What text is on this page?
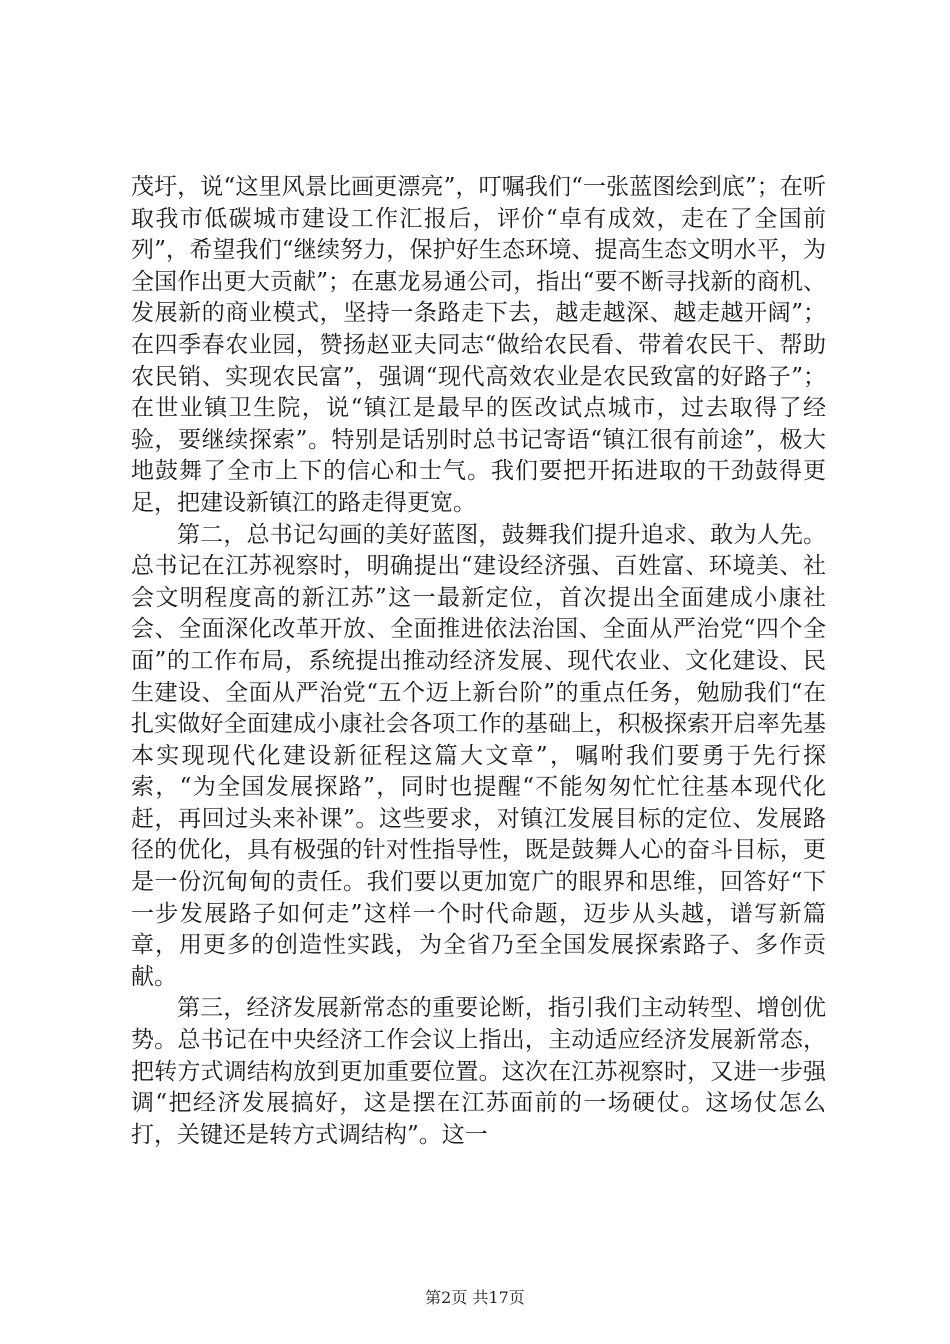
茂圩，说“这里风景比画更漂亮”，叮嘱我们“一张蓝图绘到底”；在听取我市低碳城市建设工作汇报后，评价“卓有成效，走在了全国前列”，希望我们“继续努力，保护好生态环境、提高生态文明水平，为全国作出更大贡献”；在惠龙易通公司，指出“要不断寻找新的商机、发展新的商业模式，坚持一条路走下去，越走越深、越走越开阔”；在四季春农业园，赞扬赵亚夫同志“做给农民看、带着农民干、帮助农民销、实现农民富”，强调“现代高效农业是农民致富的好路子”；在世业镇卫生院，说“镇江是最早的医改试点城市，过去取得了经验，要继续探索”。特别是话别时总书记寄语“镇江很有前途”，极大地鼓舞了全市上下的信心和士气。我们要把开拓进取的干劲鼓得更足，把建设新镇江的路走得更宽。

第二，总书记勾画的美好蓝图，鼓舞我们提升追求、敢为人先。总书记在江苏视察时，明确提出“建设经济强、百姓富、环境美、社会文明程度高的新江苏”这一最新定位，首次提出全面建成小康社会、全面深化改革开放、全面推进依法治国、全面从严治党“四个全面”的工作布局，系统提出推动经济发展、现代农业、文化建设、民生建设、全面从严治党“五个迈上新台阶”的重点任务，勉励我们“在扎实做好全面建成小康社会各项工作的基础上，积极探索开启率先基本实现现代化建设新征程这篇大文章”，嘱咐我们要勇于先行探索，“为全国发展探路”，同时也提醒“不能匆匆忙忙往基本现代化赶，再回过头来补课”。这些要求，对镇江发展目标的定位、发展路径的优化，具有极强的针对性指导性，既是鼓舞人心的奋斗目标，更是一份沉甸甸的责任。我们要以更加宽广的眼界和思维，回答好“下一步发展路子如何走”这样一个时代命题，迈步从头越，谱写新篇章，用更多的创造性实践，为全省乃至全国发展探索路子、多作贡献。

第三，经济发展新常态的重要论断，指引我们主动转型、增创优势。总书记在中央经济工作会议上指出，主动适应经济发展新常态，把转方式调结构放到更加重要位置。这次在江苏视察时，又进一步强调“把经济发展搞好，这是摆在江苏面前的一场硬仗。这场仗怎么打，关键还是转方式调结构”。这一

第2页 共17页
